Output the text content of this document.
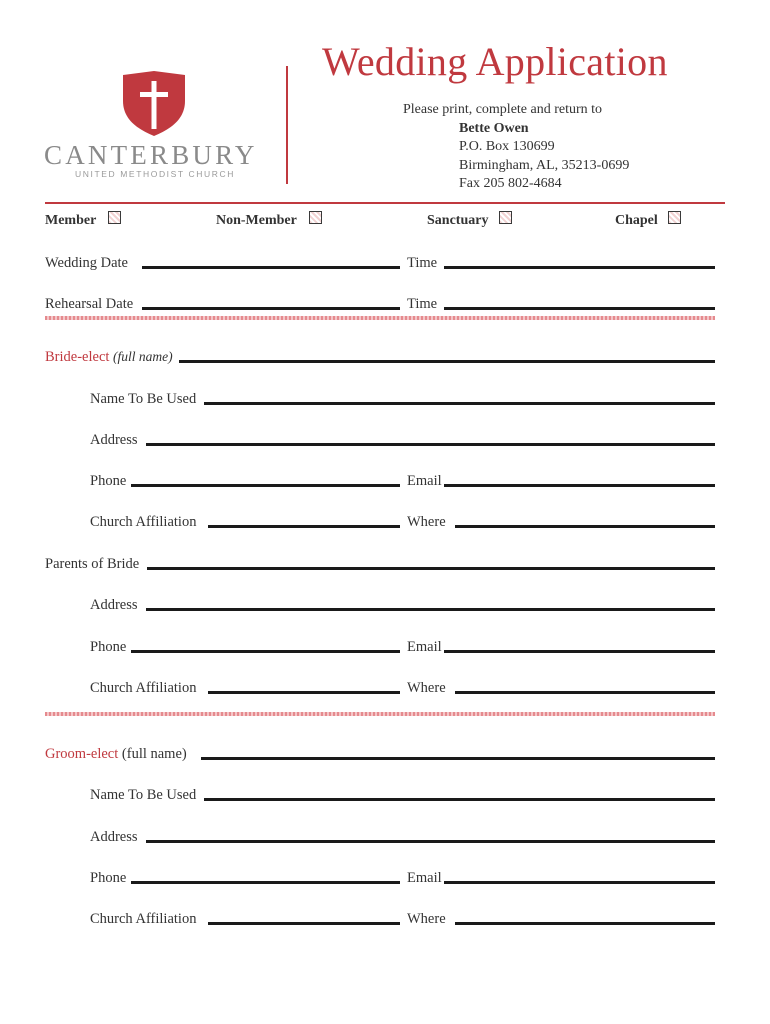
Wedding Application
CANTERBURY
UNITED METHODIST CHURCH
Please print, complete and return to
Bette Owen
P.O. Box 130699
Birmingham, AL, 35213-0699
Fax 205 802-4684
Member	Non-Member	Sanctuary	Chapel
Wedding Date	Time
Rehearsal Date	Time
Bride-elect (full name)
Name To Be Used
Address
Phone	Email
Church Affiliation	Where
Parents of Bride
Address
Phone	Email
Church Affiliation	Where
Groom-elect (full name)
Name To Be Used
Address
Phone	Email
Church Affiliation	Where
